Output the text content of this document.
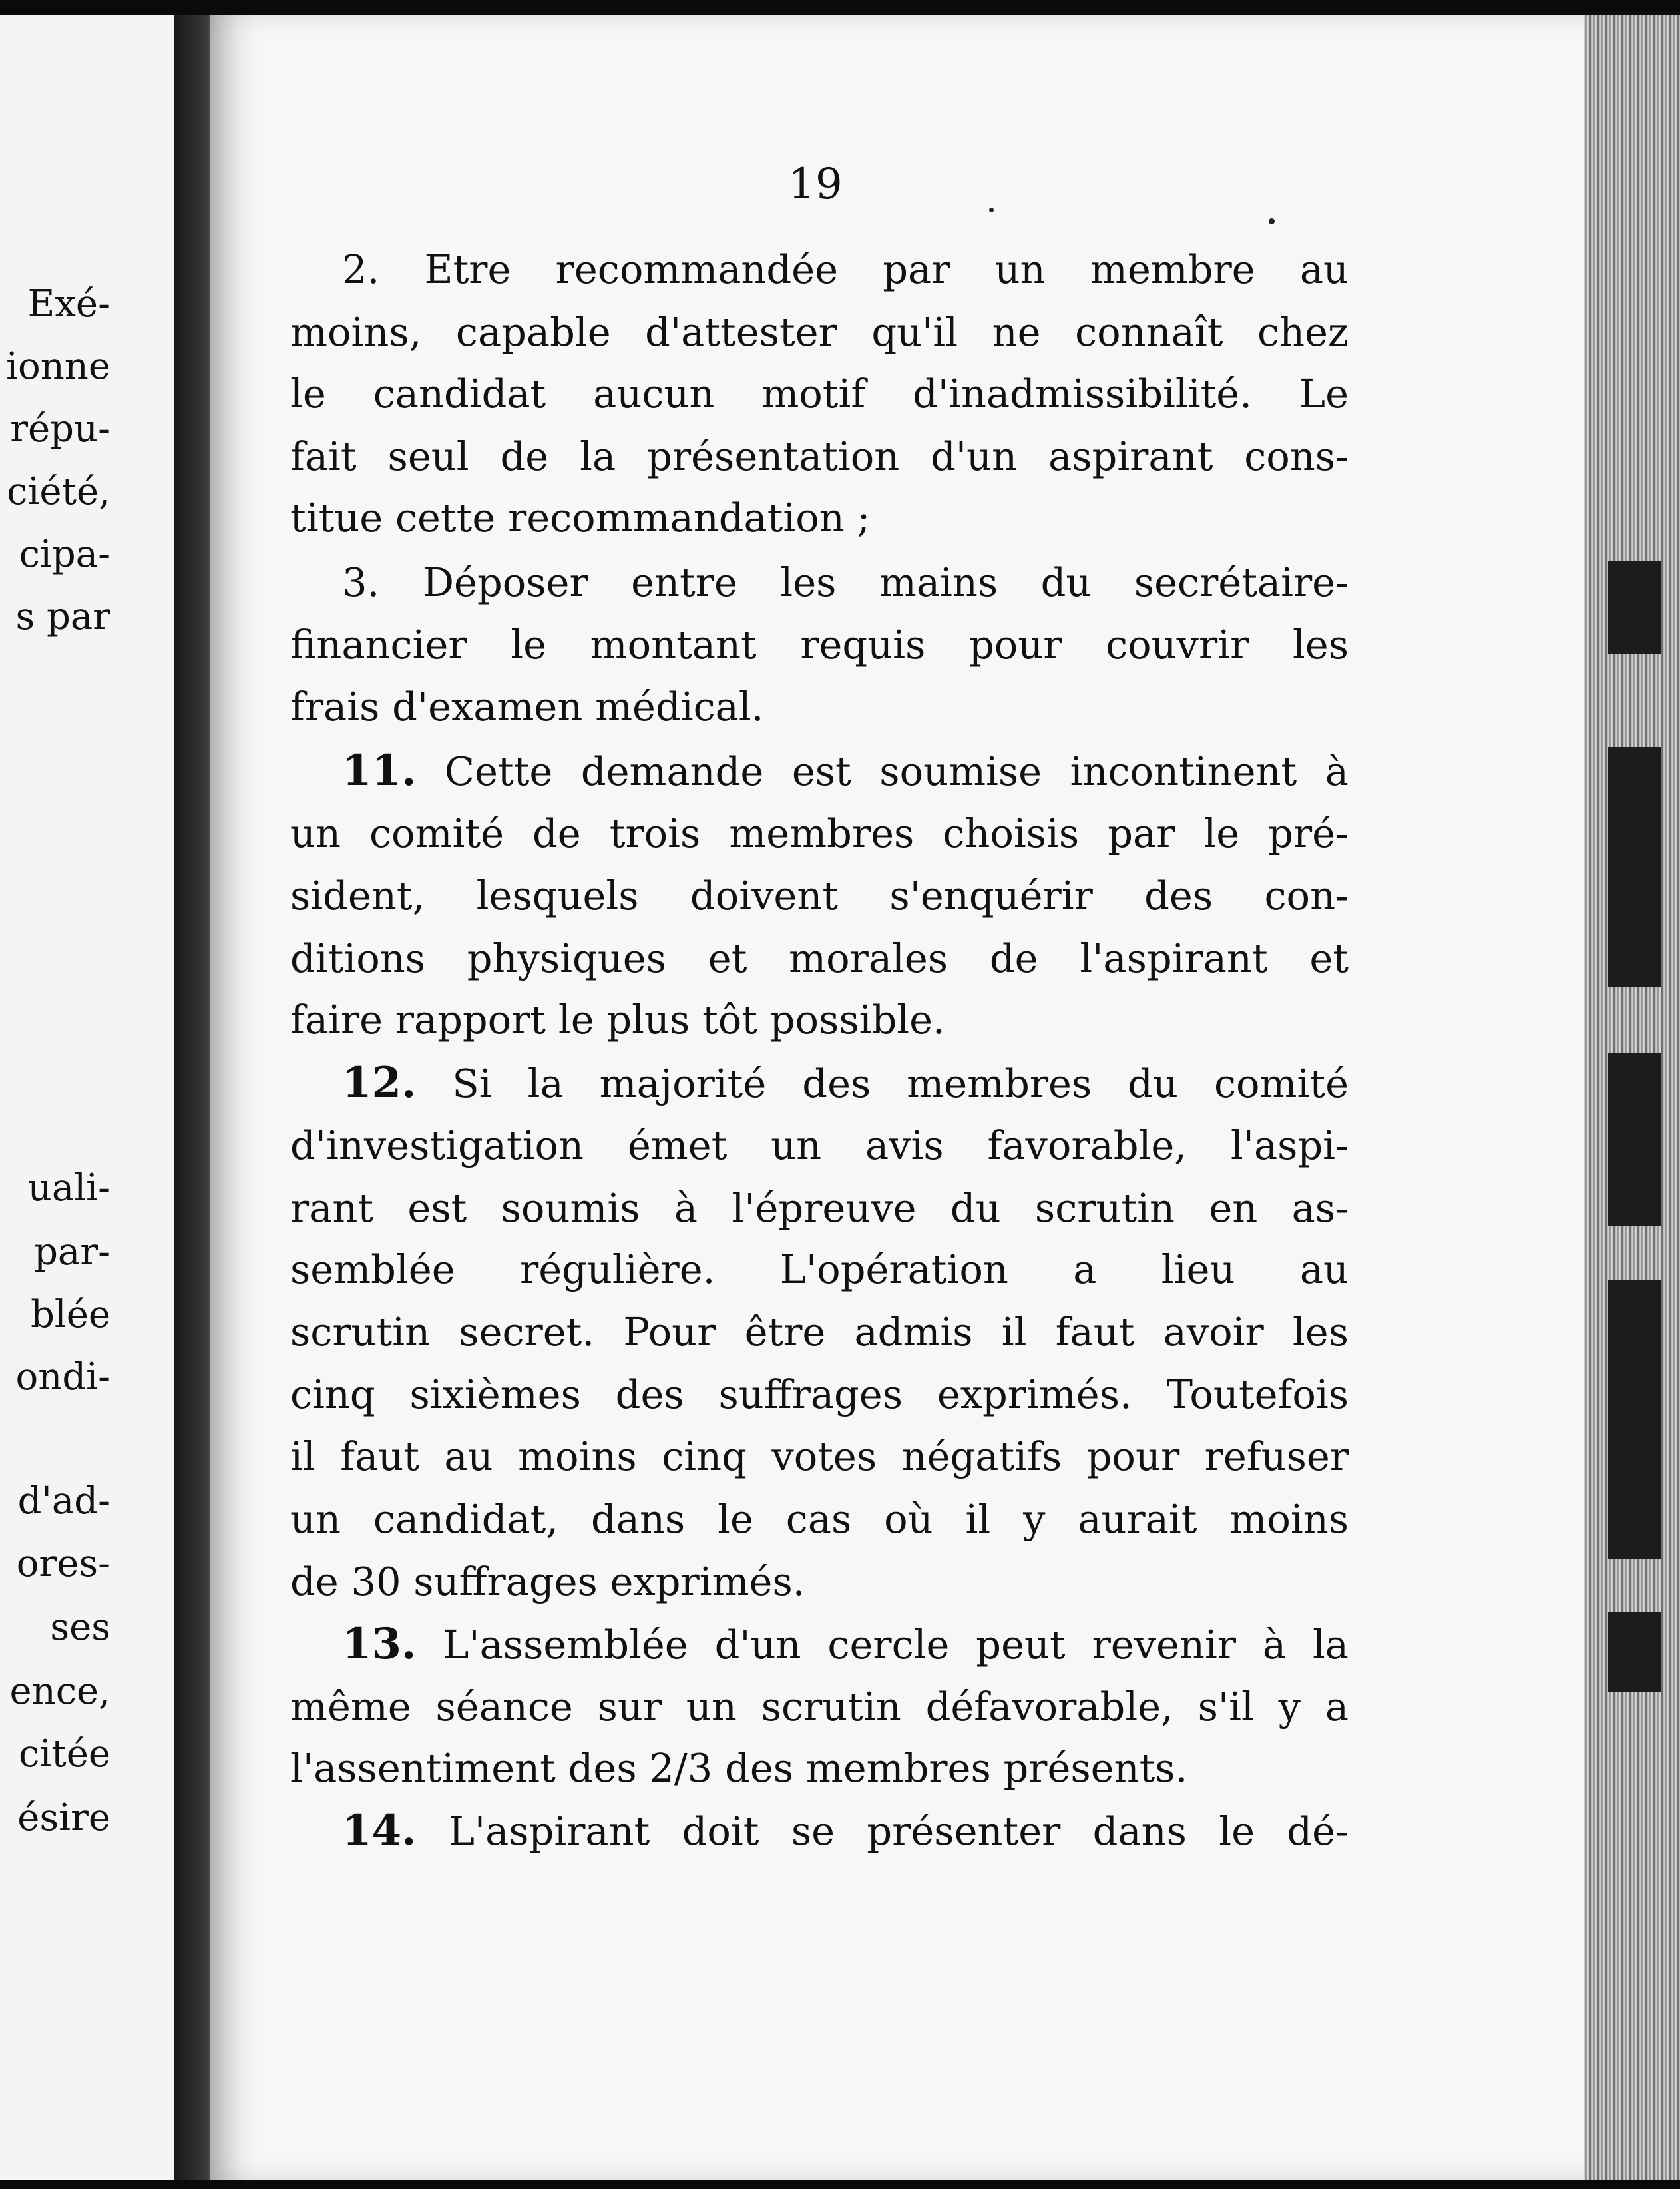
Exé-
ionne
répu-
ciété,
cipa-
s par
uali-
par-
blée
ondi-
d'ad-
ores-
ses
ence,
citée
ésire
19
2. Etre recommandée par un membre au
moins, capable d'attester qu'il ne connaît chez
le candidat aucun motif d'inadmissibilité. Le
fait seul de la présentation d'un aspirant cons-
titue cette recommandation ;
3. Déposer entre les mains du secrétaire-
financier le montant requis pour couvrir les
frais d'examen médical.
11. Cette demande est soumise incontinent à
un comité de trois membres choisis par le pré-
sident, lesquels doivent s'enquérir des con-
ditions physiques et morales de l'aspirant et
faire rapport le plus tôt possible.
12. Si la majorité des membres du comité
d'investigation émet un avis favorable, l'aspi-
rant est soumis à l'épreuve du scrutin en as-
semblée régulière. L'opération a lieu au
scrutin secret. Pour être admis il faut avoir les
cinq sixièmes des suffrages exprimés. Toutefois
il faut au moins cinq votes négatifs pour refuser
un candidat, dans le cas où il y aurait moins
de 30 suffrages exprimés.
13. L'assemblée d'un cercle peut revenir à la
même séance sur un scrutin défavorable, s'il y a
l'assentiment des 2/3 des membres présents.
14. L'aspirant doit se présenter dans le dé-
